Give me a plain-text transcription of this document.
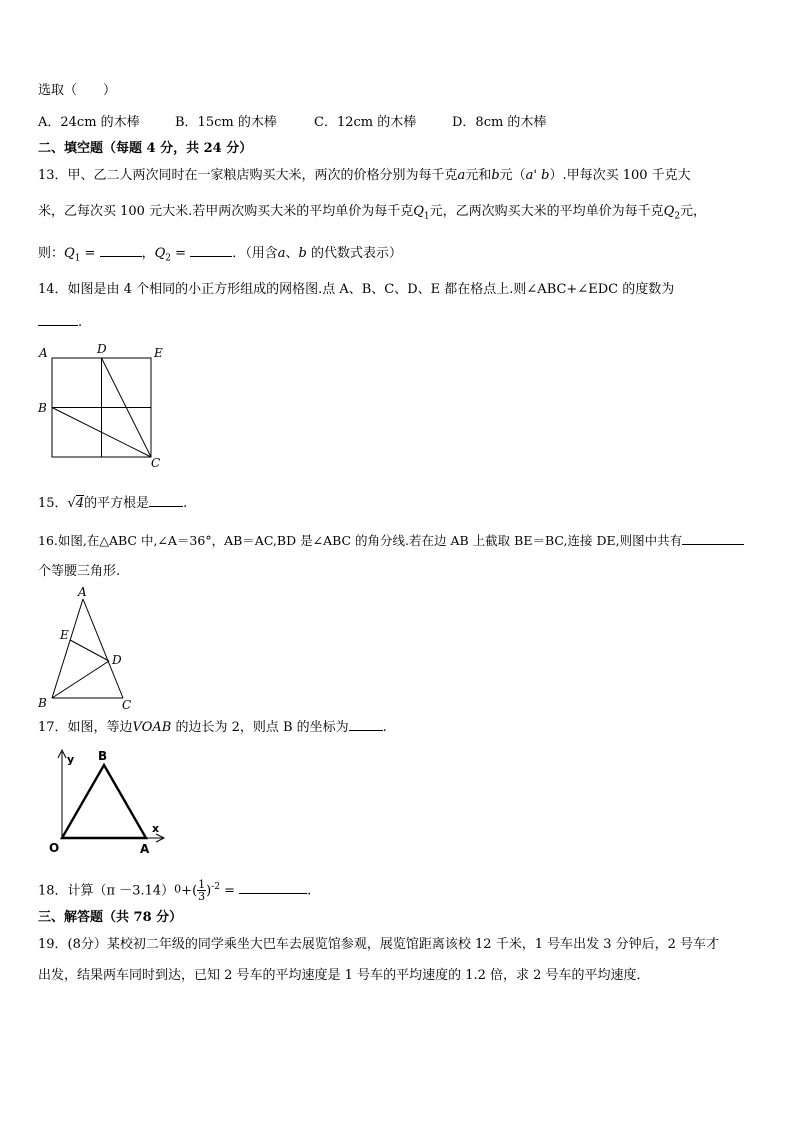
选取（　　）
A．24cm 的木棒	B．15cm 的木棒	C．12cm 的木棒	D．8cm 的木棒
二、填空题（每题 4 分，共 24 分）
13．甲、乙二人两次同时在一家粮店购买大米，两次的价格分别为每千克a元和b元（a' b）.甲每次买 100 千克大
米，乙每次买 100 元大米.若甲两次购买大米的平均单价为每千克$Q_1$元，乙两次购买大米的平均单价为每千克$Q_2$元，
则：$Q_1$ =	，$Q_2$ =	．（用含a、b 的代数式表示）
14．如图是由 4 个相同的小正方形组成的网格图.点 A、B、C、D、E 都在格点上.则∠ABC+∠EDC 的度数为
.
A	D	E
B
C
15．√4的平方根是	.
16.如图,在△ABC 中,∠A＝36°，AB＝AC,BD 是∠ABC 的角分线.若在边 AB 上截取 BE＝BC,连接 DE,则图中共有
个等腰三角形.
A
E
D
B	C
17．如图，等边VOAB 的边长为 2，则点 B 的坐标为	.
y B
x
O	A
18．计算$(\pi -3.14)0+( \frac{1}{3} )^{-2}$ =	.
三、解答题（共 78 分）
19．(8分）某校初二年级的同学乘坐大巴车去展览馆参观，展览馆距离该校 12 千米，1 号车出发 3 分钟后，2 号车才
出发，结果两车同时到达，已知 2 号车的平均速度是 1 号车的平均速度的 1.2 倍，求 2 号车的平均速度．
